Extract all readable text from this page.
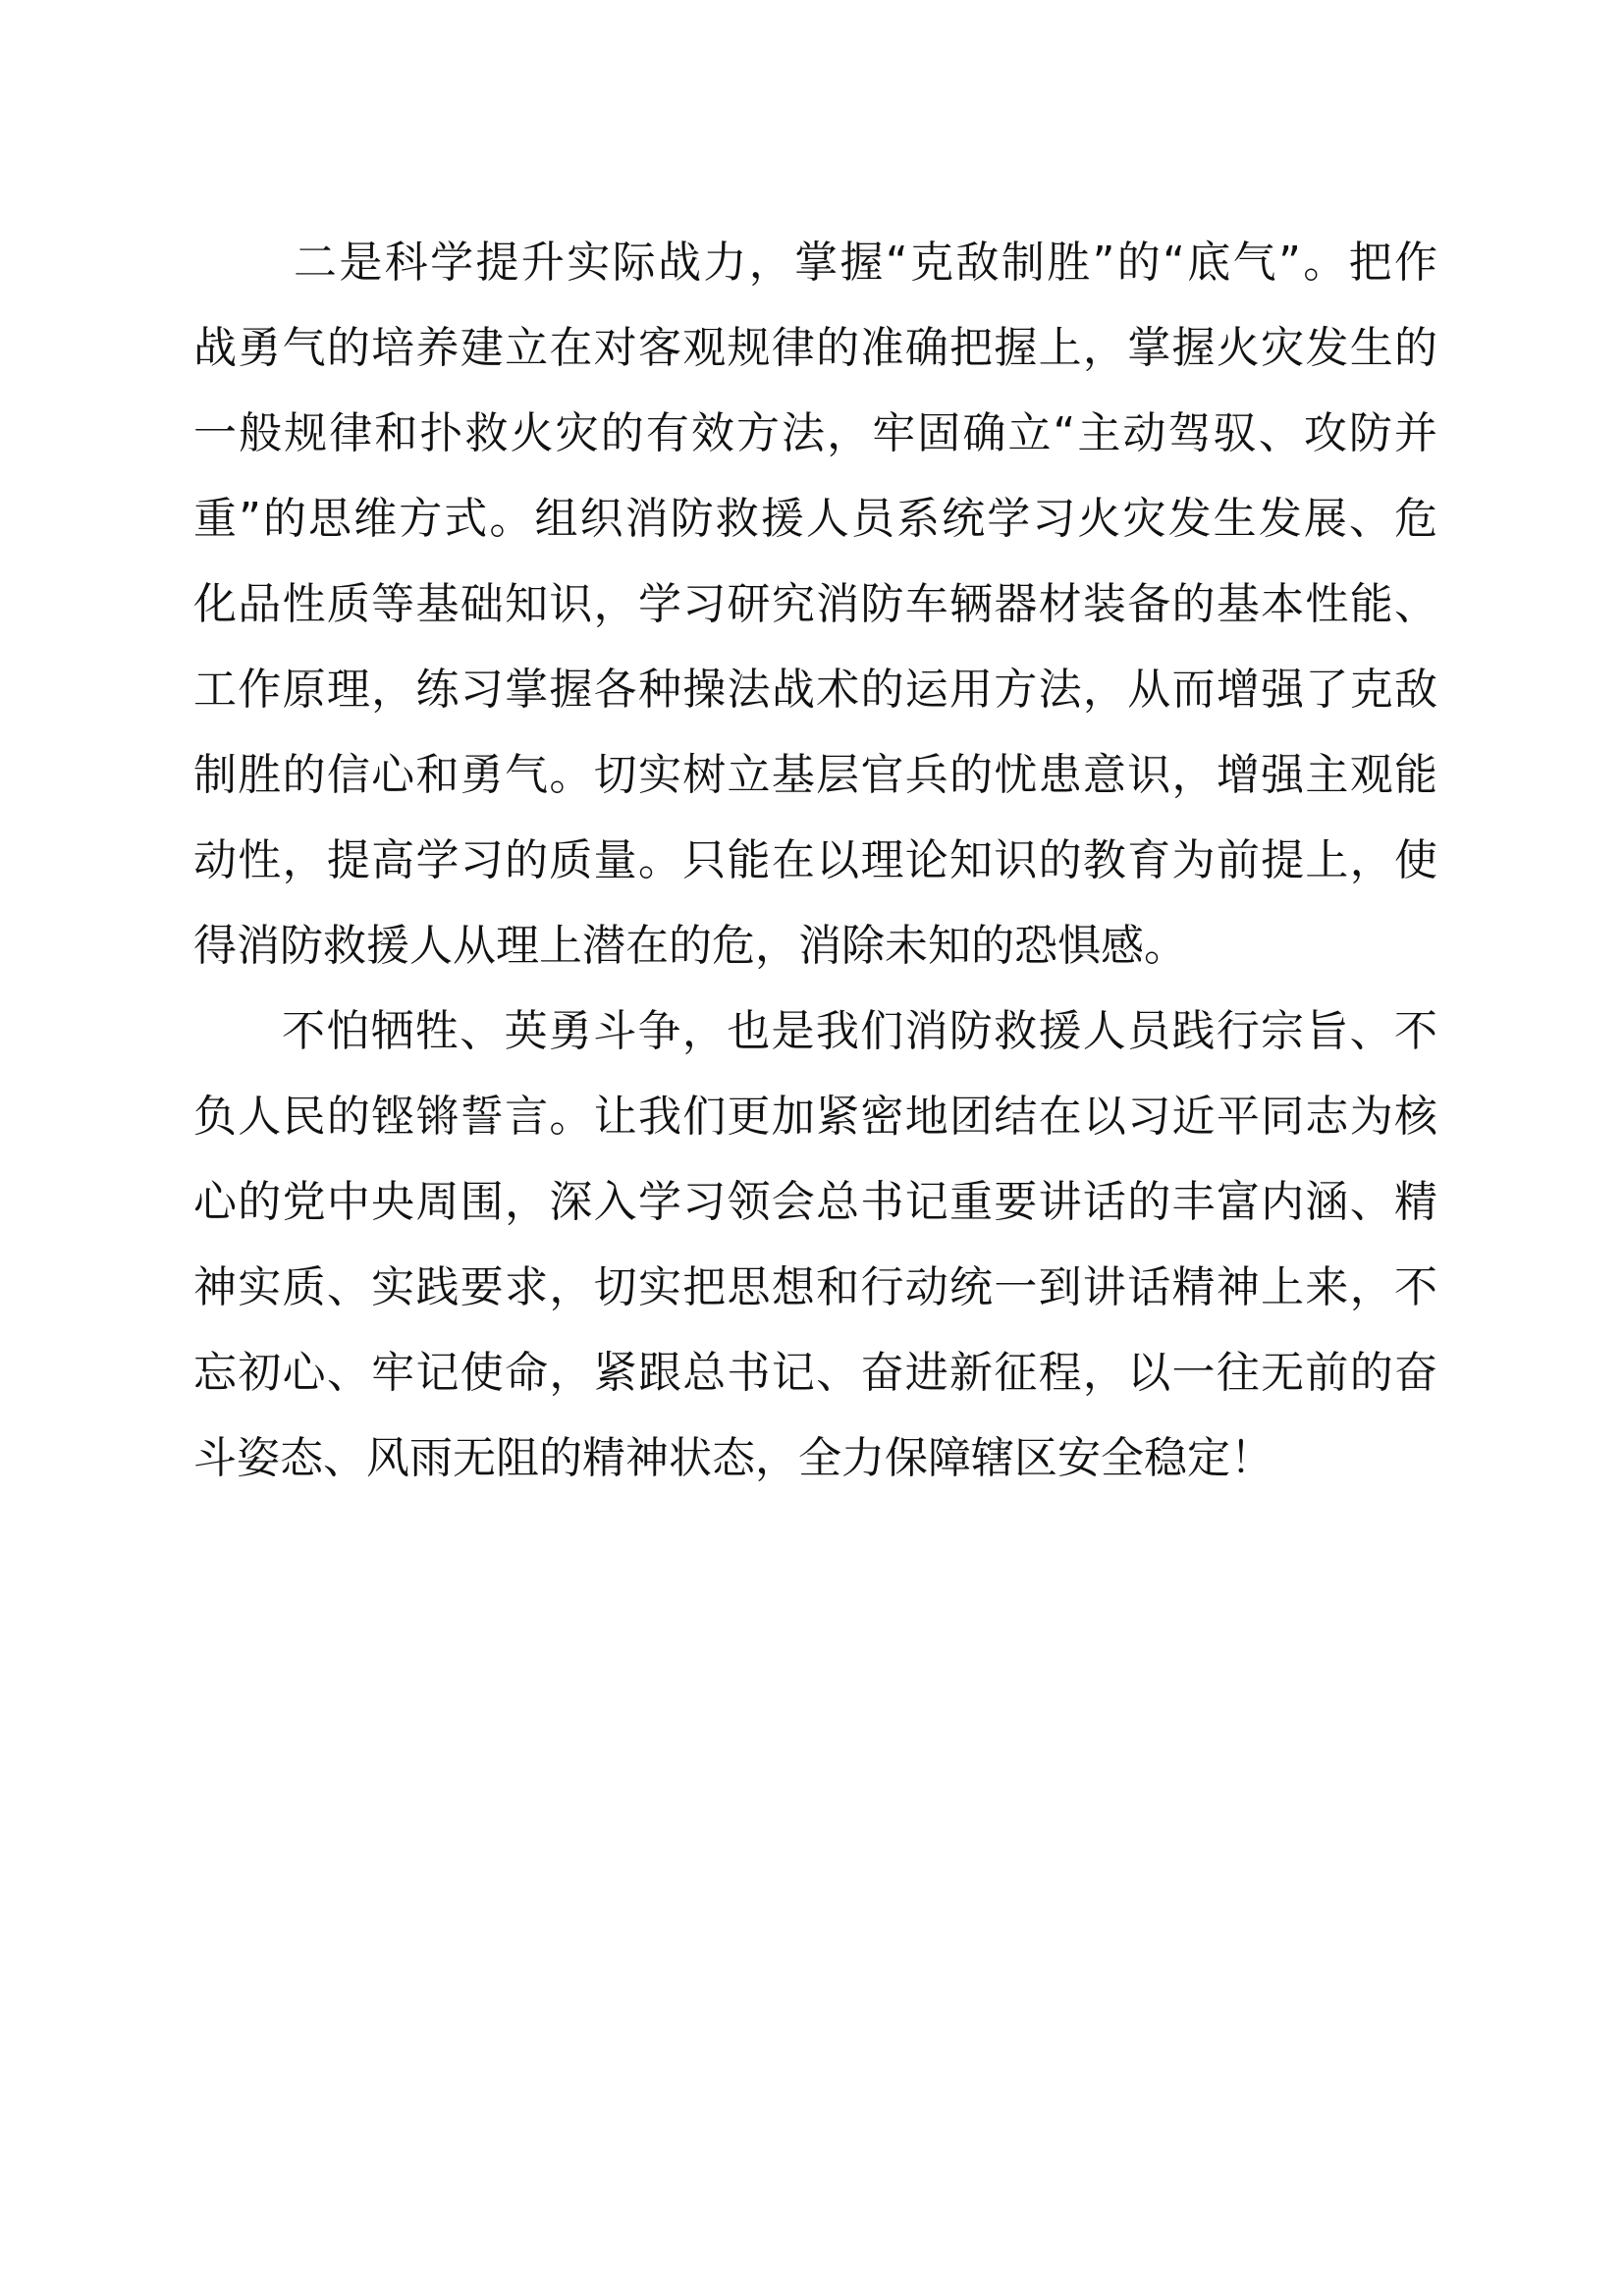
二是科学提升实际战力，掌握“克敌制胜”的“底气”。把作
战勇气的培养建立在对客观规律的准确把握上，掌握火灾发生的
一般规律和扑救火灾的有效方法，牢固确立“主动驾驭、攻防并
重”的思维方式。组织消防救援人员系统学习火灾发生发展、危
化品性质等基础知识，学习研究消防车辆器材装备的基本性能、
工作原理，练习掌握各种操法战术的运用方法，从而增强了克敌
制胜的信心和勇气。切实树立基层官兵的忧患意识，增强主观能
动性，提高学习的质量。只能在以理论知识的教育为前提上，使
得消防救援人从理上潜在的危，消除未知的恐惧感。
不怕牺牲、英勇斗争，也是我们消防救援人员践行宗旨、不
负人民的铿锵誓言。让我们更加紧密地团结在以习近平同志为核
心的党中央周围，深入学习领会总书记重要讲话的丰富内涵、精
神实质、实践要求，切实把思想和行动统一到讲话精神上来，不
忘初心、牢记使命，紧跟总书记、奋进新征程，以一往无前的奋
斗姿态、风雨无阻的精神状态，全力保障辖区安全稳定！
